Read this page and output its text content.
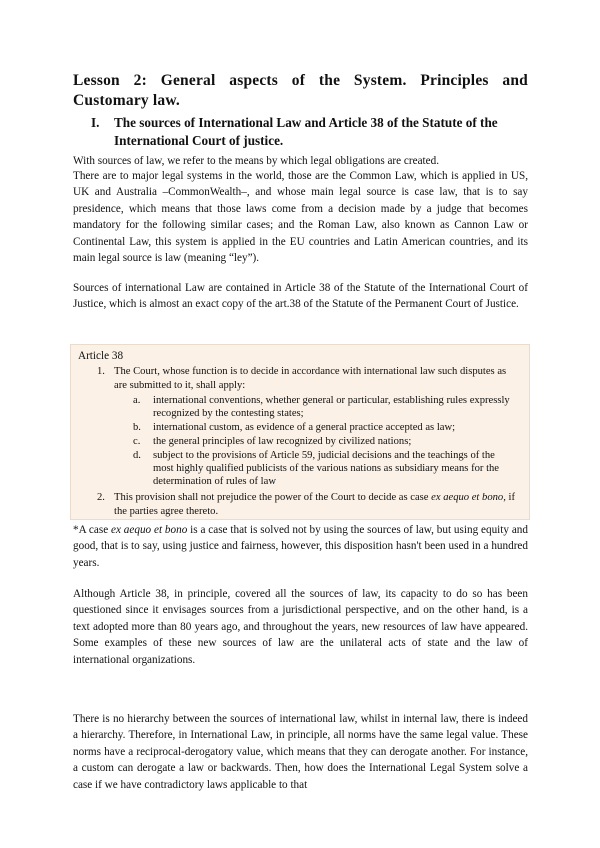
Lesson 2: General aspects of the System. Principles and Customary law.
I.	The sources of International Law and Article 38 of the Statute of the International Court of justice.

With sources of law, we refer to the means by which legal obligations are created.

There are to major legal systems in the world, those are the Common Law, which is applied in US, UK and Australia –CommonWealth–, and whose main legal source is case law, that is to say presidence, which means that those laws come from a decision made by a judge that becomes mandatory for the following similar cases; and the Roman Law, also known as Cannon Law or Continental Law, this system is applied in the EU countries and Latin American countries, and its main legal source is law (meaning “ley”).

Sources of international Law are contained in Article 38 of the Statute of the International Court of Justice, which is almost an exact copy of the art.38 of the Statute of the Permanent Court of Justice.

Article 38
1. The Court, whose function is to decide in accordance with international law such disputes as are submitted to it, shall apply:
a.	international conventions, whether general or particular, establishing rules expressly recognized by the contesting states;
b.	international custom, as evidence of a general practice accepted as law;
c.	the general principles of law recognized by civilized nations;
d.	subject to the provisions of Article 59, judicial decisions and the teachings of the most highly qualified publicists of the various nations as subsidiary means for the determination of rules of law
2. This provision shall not prejudice the power of the Court to decide as case ex aequo et bono, if the parties agree thereto.

*A case ex aequo et bono is a case that is solved not by using the sources of law, but using equity and good, that is to say, using justice and fairness, however, this disposition hasn't been used in a hundred years.

Although Article 38, in principle, covered all the sources of law, its capacity to do so has been questioned since it envisages sources from a jurisdictional perspective, and on the other hand, is a text adopted more than 80 years ago, and throughout the years, new resources of law have appeared. Some examples of these new sources of law are the unilateral acts of state and the law of international organizations.

There is no hierarchy between the sources of international law, whilst in internal law, there is indeed a hierarchy. Therefore, in International Law, in principle, all norms have the same legal value. These norms have a reciprocal-derogatory value, which means that they can derogate another. For instance, a custom can derogate a law or backwards. Then, how does the International Legal System solve a case if we have contradictory laws applicable to that
